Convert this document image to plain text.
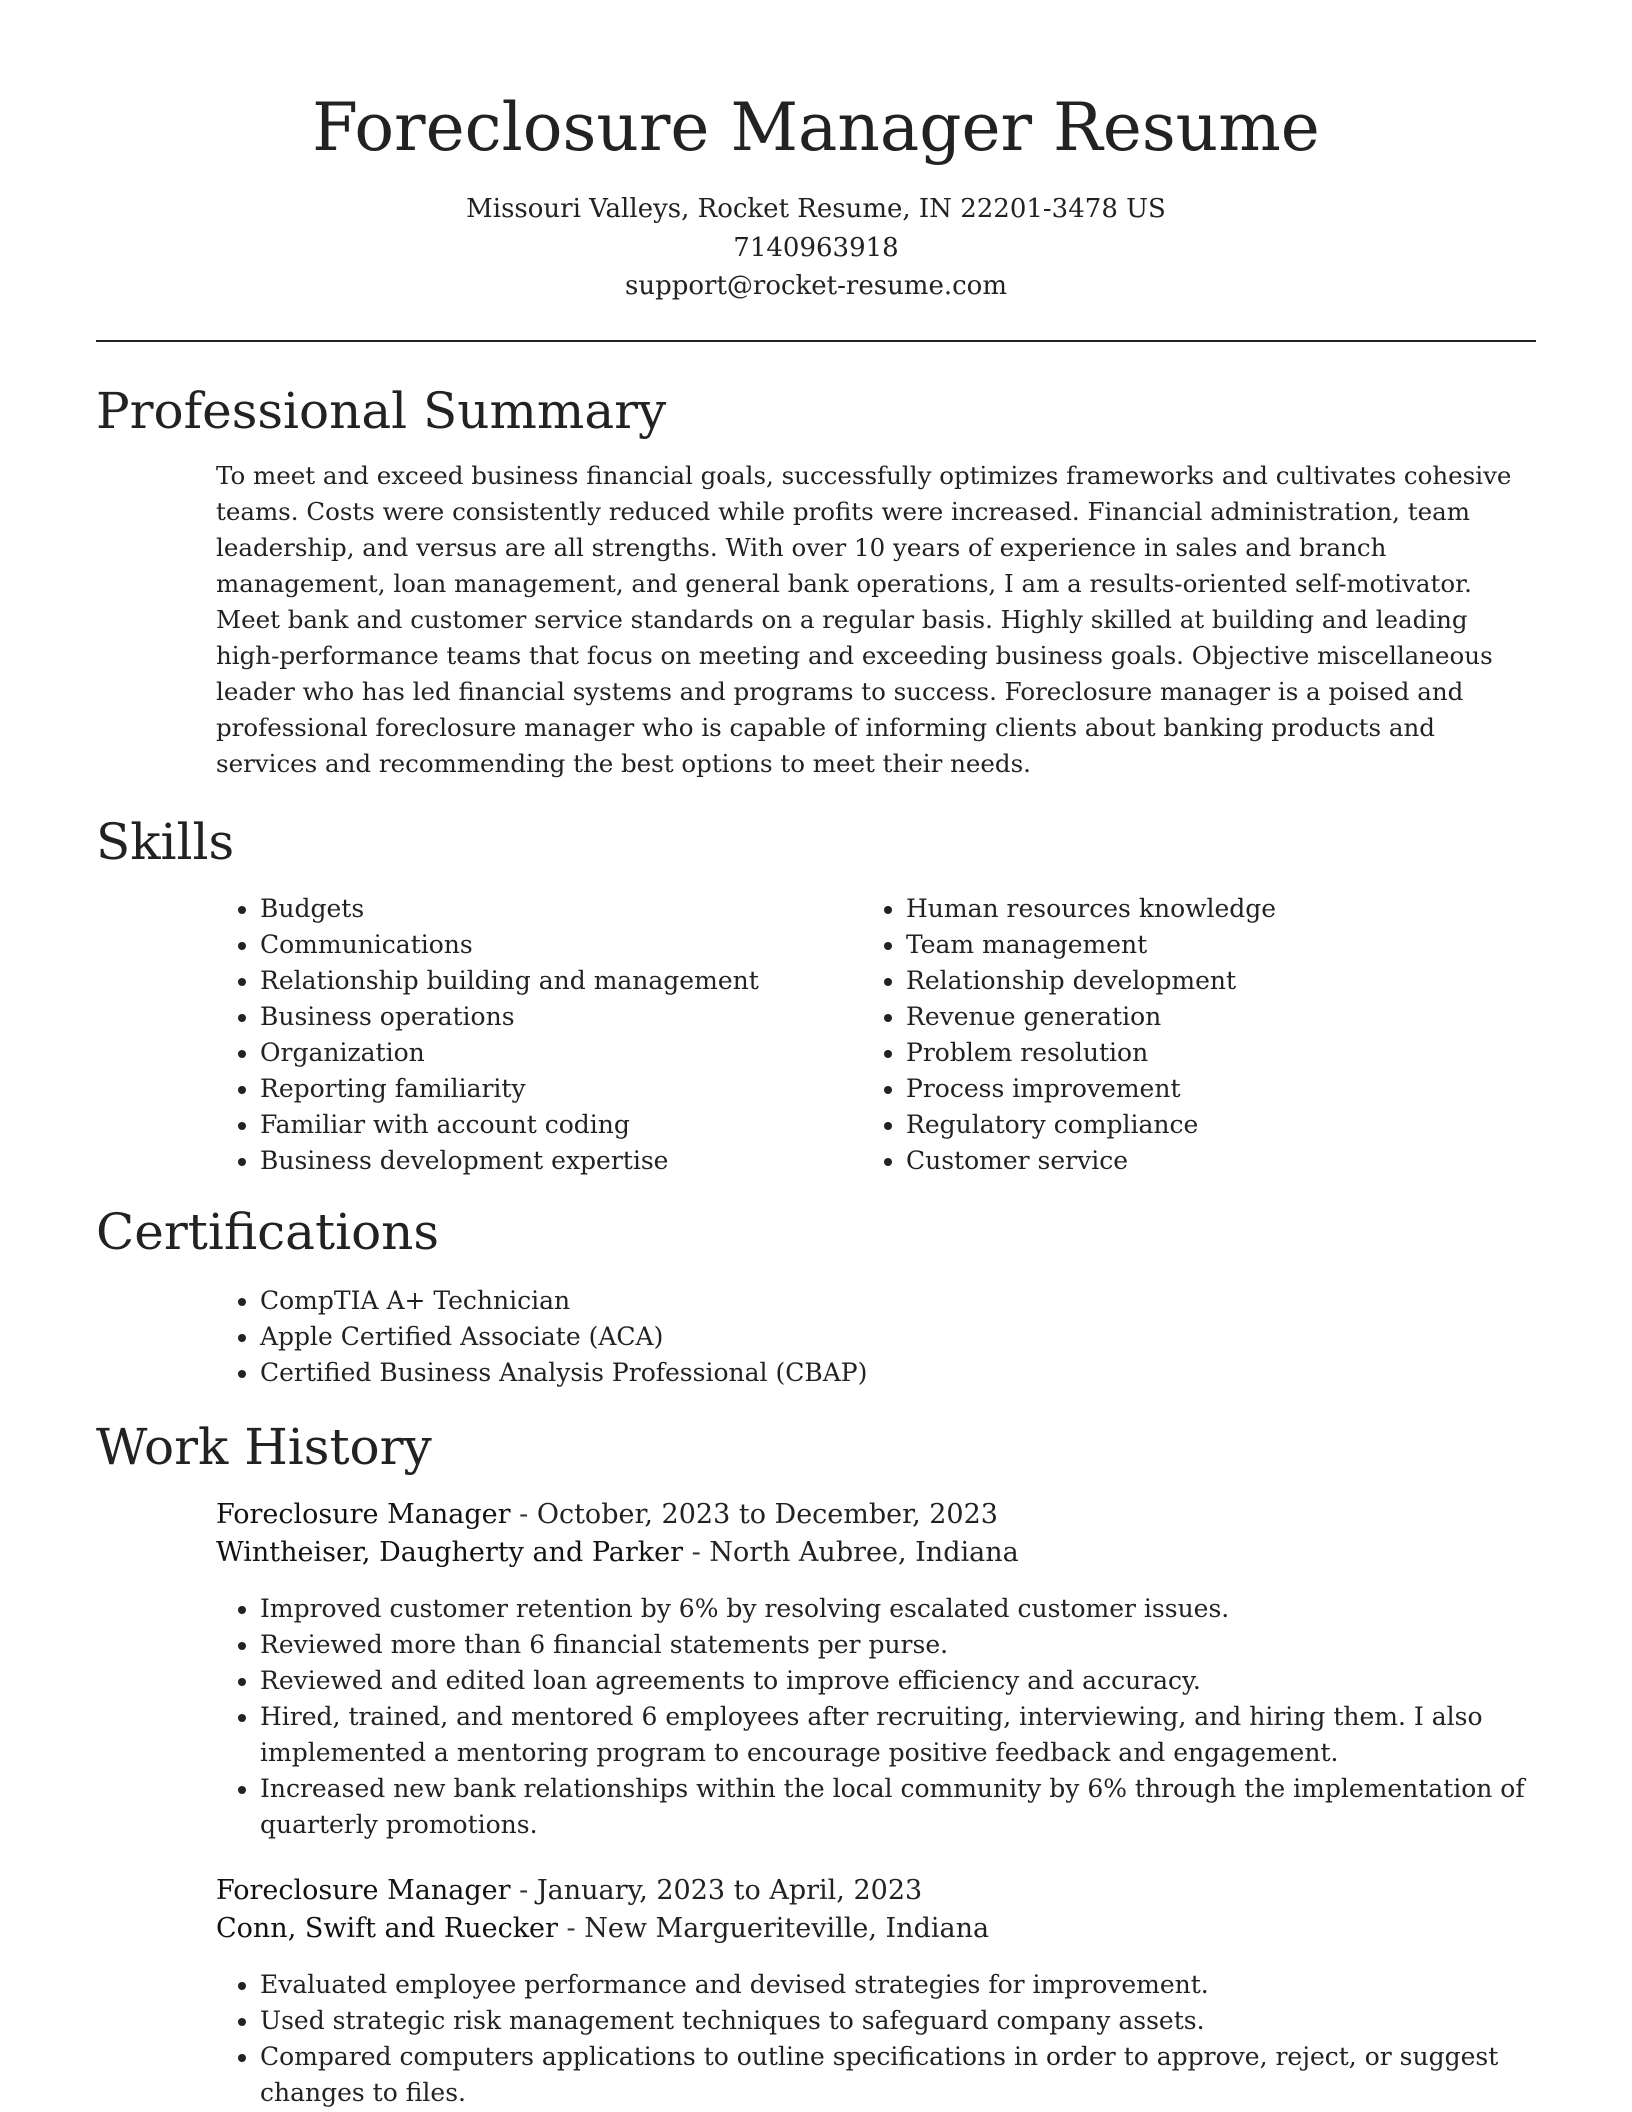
Foreclosure Manager Resume
Missouri Valleys, Rocket Resume, IN 22201-3478 US
7140963918
support@rocket-resume.com
Professional Summary

To meet and exceed business financial goals, successfully optimizes frameworks and cultivates cohesive teams. Costs were consistently reduced while profits were increased. Financial administration, team leadership, and versus are all strengths. With over 10 years of experience in sales and branch management, loan management, and general bank operations, I am a results-oriented self-motivator. Meet bank and customer service standards on a regular basis. Highly skilled at building and leading high-performance teams that focus on meeting and exceeding business goals. Objective miscellaneous leader who has led financial systems and programs to success. Foreclosure manager is a poised and professional foreclosure manager who is capable of informing clients about banking products and services and recommending the best options to meet their needs.

Skills
• Budgets
• Communications
• Relationship building and management
• Business operations
• Organization
• Reporting familiarity
• Familiar with account coding
• Business development expertise
• Human resources knowledge
• Team management
• Relationship development
• Revenue generation
• Problem resolution
• Process improvement
• Regulatory compliance
• Customer service
Certifications
• CompTIA A+ Technician
• Apple Certified Associate (ACA)
• Certified Business Analysis Professional (CBAP)
Work History
Foreclosure Manager - October, 2023 to December, 2023
Wintheiser, Daugherty and Parker - North Aubree, Indiana
• Improved customer retention by 6% by resolving escalated customer issues.
• Reviewed more than 6 financial statements per purse.
• Reviewed and edited loan agreements to improve efficiency and accuracy.
• Hired, trained, and mentored 6 employees after recruiting, interviewing, and hiring them. I also implemented a mentoring program to encourage positive feedback and engagement.
• Increased new bank relationships within the local community by 6% through the implementation of quarterly promotions.
Foreclosure Manager - January, 2023 to April, 2023
Conn, Swift and Ruecker - New Margueriteville, Indiana
• Evaluated employee performance and devised strategies for improvement.
• Used strategic risk management techniques to safeguard company assets.
• Compared computers applications to outline specifications in order to approve, reject, or suggest changes to files.
